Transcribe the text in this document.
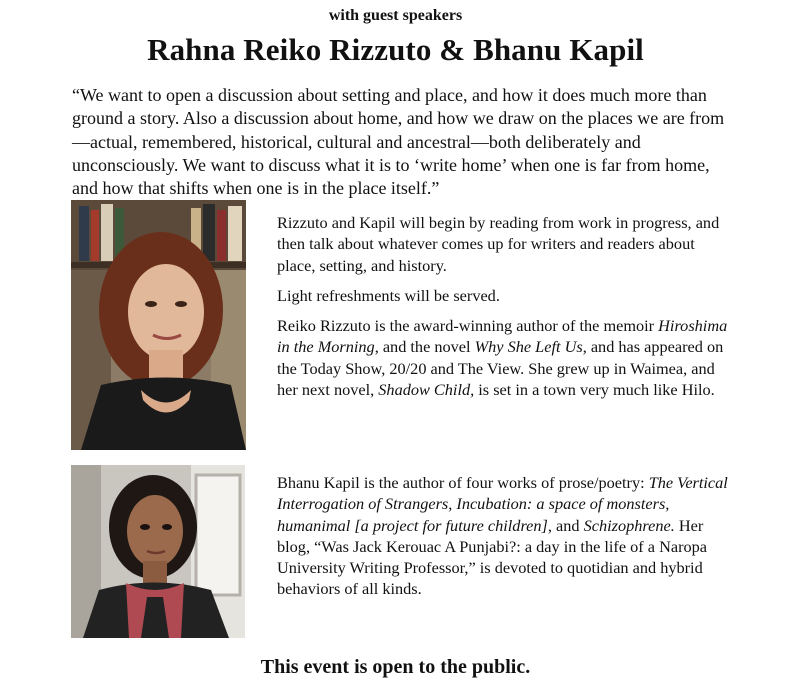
with guest speakers
Rahna Reiko Rizzuto & Bhanu Kapil
“We want to open a discussion about setting and place, and how it does much more than ground a story. Also a discussion about home, and how we draw on the places we are from—actual, remembered, historical, cultural and ancestral—both deliberately and unconsciously. We want to discuss what it is to ‘write home’ when one is far from home, and how that shifts when one is in the place itself.”

Rizzuto and Kapil will begin by reading from work in progress, and then talk about whatever comes up for writers and readers about place, setting, and history.

Light refreshments will be served.

Reiko Rizzuto is the award-winning author of the memoir Hiroshima in the Morning, and the novel Why She Left Us, and has appeared on the Today Show, 20/20 and The View. She grew up in Waimea, and her next novel, Shadow Child, is set in a town very much like Hilo.

Bhanu Kapil is the author of four works of prose/poetry: The Vertical Interrogation of Strangers, Incubation: a space of monsters, humanimal [a project for future children], and Schizophrene. Her blog, “Was Jack Kerouac A Punjabi?: a day in the life of a Naropa University Writing Professor,” is devoted to quotidian and hybrid behaviors of all kinds.

This event is open to the public.
